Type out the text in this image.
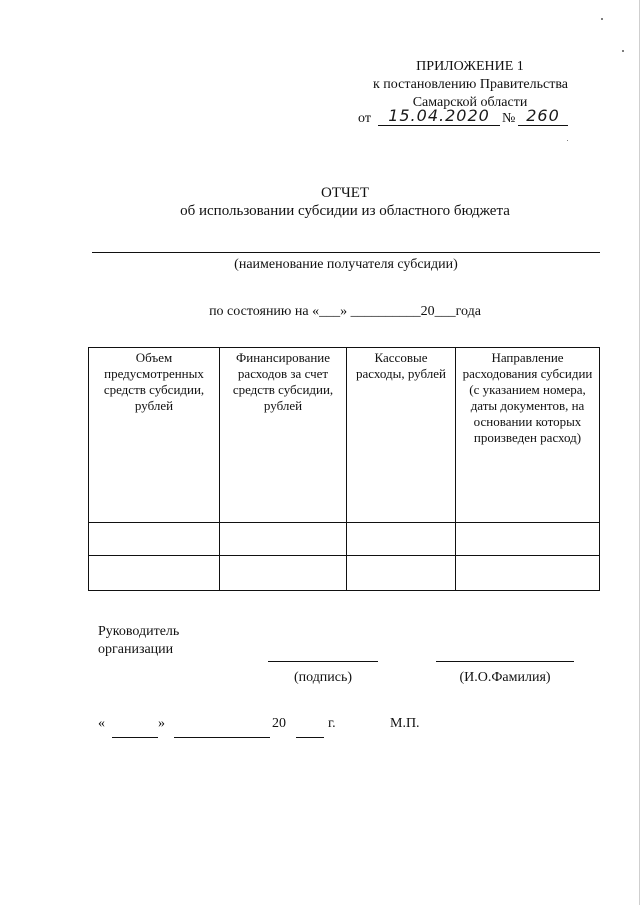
ПРИЛОЖЕНИЕ 1
к постановлению Правительства
Самарской области
от	15.04.2020 № 260
ОТЧЕТ
об использовании субсидии из областного бюджета
(наименование получателя субсидии)
по состоянию на «___» __________20___года
Объем предусмотренных средств субсидии, рублей	Финансирование расходов за счет средств субсидии, рублей	Кассовые расходы, рублей	Направление расходования субсидии (с указанием номера, даты документов, на основании которых произведен расход)

Руководитель
организации
(подпись)	(И.О.Фамилия)
«	»	20	г.	М.П.
